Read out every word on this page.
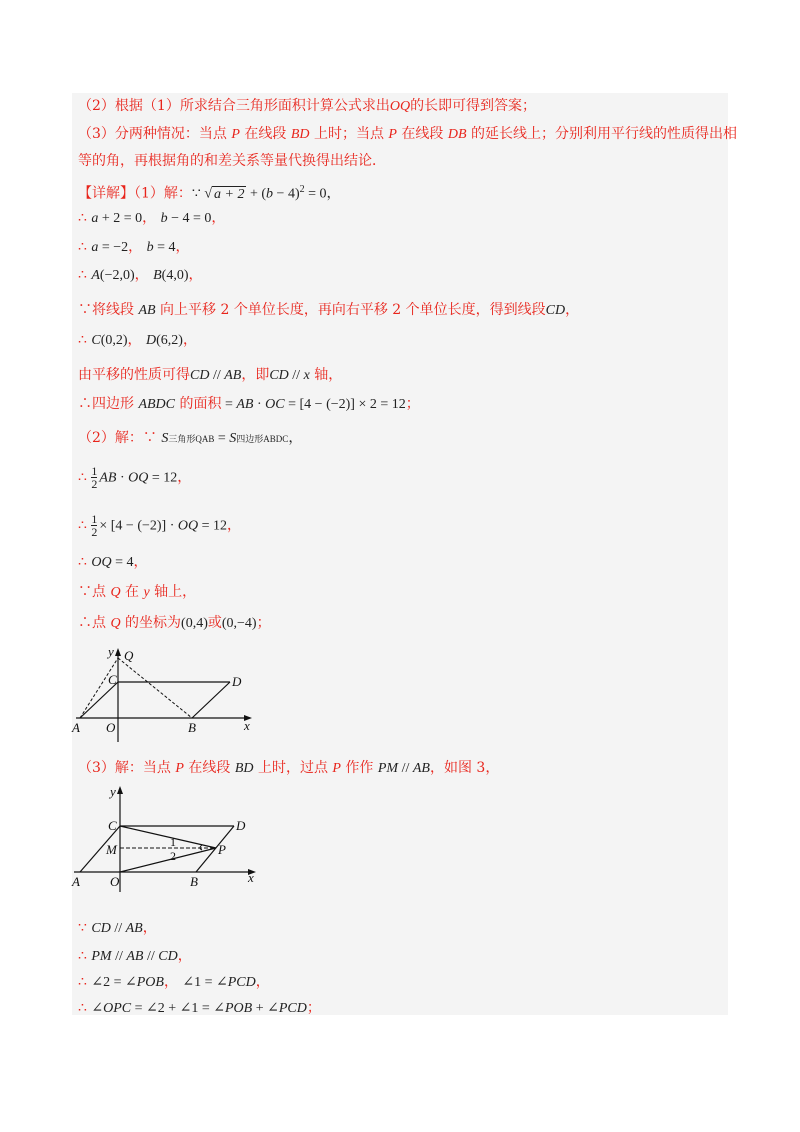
（2）根据（1）所求结合三角形面积计算公式求出OQ的长即可得到答案；
（3）分两种情况：当点 P 在线段 BD 上时；当点 P 在线段 DB 的延长线上；分别利用平行线的性质得出相
等的角，再根据角的和差关系等量代换得出结论．
【详解】（1）解：∵ √ $a + 2 + (b - 4)^2 = 0$，
∴ a + 2 = 0， b − 4 = 0，
∴ a = −2， b = 4，
∴ A(−2,0)， B(4,0)，
∵将线段 AB 向上平移 2 个单位长度，再向右平移 2 个单位长度，得到线段CD，
∴ C(0,2)， D(6,2)，
由平移的性质可得CD // AB，即CD // x 轴，
∴四边形 ABDC 的面积 = AB · OC = [4 − (−2)] × 2 = 12；
（2）解：∵ S三角形QAB = S四边形ABDC，
∴ $\frac{1}{2}$ AB · OQ = 12，
∴ $\frac{1}{2} \times [4 - (-2)]$ · OQ = 12，
∴ OQ = 4，
∵点 Q 在 y 轴上，
∴点 Q 的坐标为(0,4)或(0,−4)；
（3）解：当点 P 在线段 BD 上时，过点 P 作作 PM // AB，如图 3，
∵ CD // AB，
∴ PM // AB // CD，
∴ ∠2 = ∠POB， ∠1 = ∠PCD，
∴ ∠OPC = ∠2 + ∠1 = ∠POB + ∠PCD；
y Q
C	D
A O	B	x
y
C	D
M	1
2	P
A O	B	x
